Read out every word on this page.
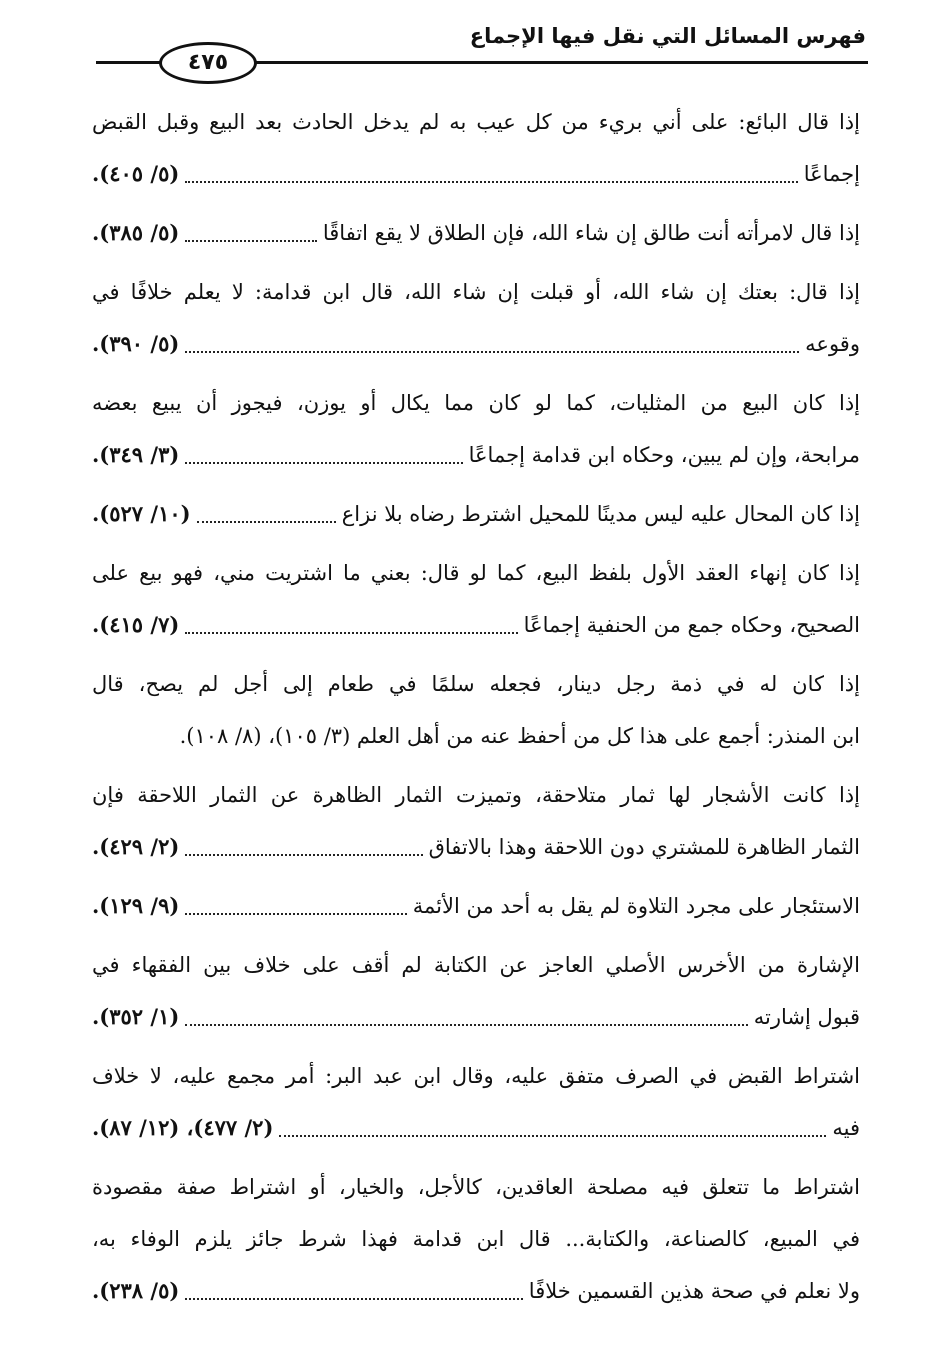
فهرس المسائل التي نقل فيها الإجماع
٤٧٥
إذا قال البائع: على أني بريء من كل عيب به لم يدخل الحادث بعد البيع وقبل القبض
إجماعًا
(٥/ ٤٠٥).
إذا قال لامرأته أنت طالق إن شاء الله، فإن الطلاق لا يقع اتفاقًا
(٥/ ٣٨٥).
إذا قال: بعتك إن شاء الله، أو قبلت إن شاء الله، قال ابن قدامة: لا يعلم خلافًا في
وقوعه
(٥/ ٣٩٠).
إذا كان البيع من المثليات، كما لو كان مما يكال أو يوزن، فيجوز أن يبيع بعضه
مرابحة، وإن لم يبين، وحكاه ابن قدامة إجماعًا
(٣/ ٣٤٩).
إذا كان المحال عليه ليس مدينًا للمحيل اشترط رضاه بلا نزاع
(١٠/ ٥٢٧).
إذا كان إنهاء العقد الأول بلفظ البيع، كما لو قال: بعني ما اشتريت مني، فهو بيع على
الصحيح، وحكاه جمع من الحنفية إجماعًا
(٧/ ٤١٥).
إذا كان له في ذمة رجل دينار، فجعله سلمًا في طعام إلى أجل لم يصح، قال
ابن المنذر: أجمع على هذا كل من أحفظ عنه من أهل العلم (٣/ ١٠٥)، (٨/ ١٠٨).
إذا كانت الأشجار لها ثمار متلاحقة، وتميزت الثمار الظاهرة عن الثمار اللاحقة فإن
الثمار الظاهرة للمشتري دون اللاحقة وهذا بالاتفاق
(٢/ ٤٢٩).
الاستئجار على مجرد التلاوة لم يقل به أحد من الأئمة
(٩/ ١٢٩).
الإشارة من الأخرس الأصلي العاجز عن الكتابة لم أقف على خلاف بين الفقهاء في
قبول إشارته
(١/ ٣٥٢).
اشتراط القبض في الصرف متفق عليه، وقال ابن عبد البر: أمر مجمع عليه، لا خلاف
فيه
(٢/ ٤٧٧)، (١٢/ ٨٧).
اشتراط ما تتعلق فيه مصلحة العاقدين، كالأجل، والخيار، أو اشتراط صفة مقصودة
في المبيع، كالصناعة، والكتابة... قال ابن قدامة فهذا شرط جائز يلزم الوفاء به،
ولا نعلم في صحة هذين القسمين خلافًا
(٥/ ٢٣٨).
